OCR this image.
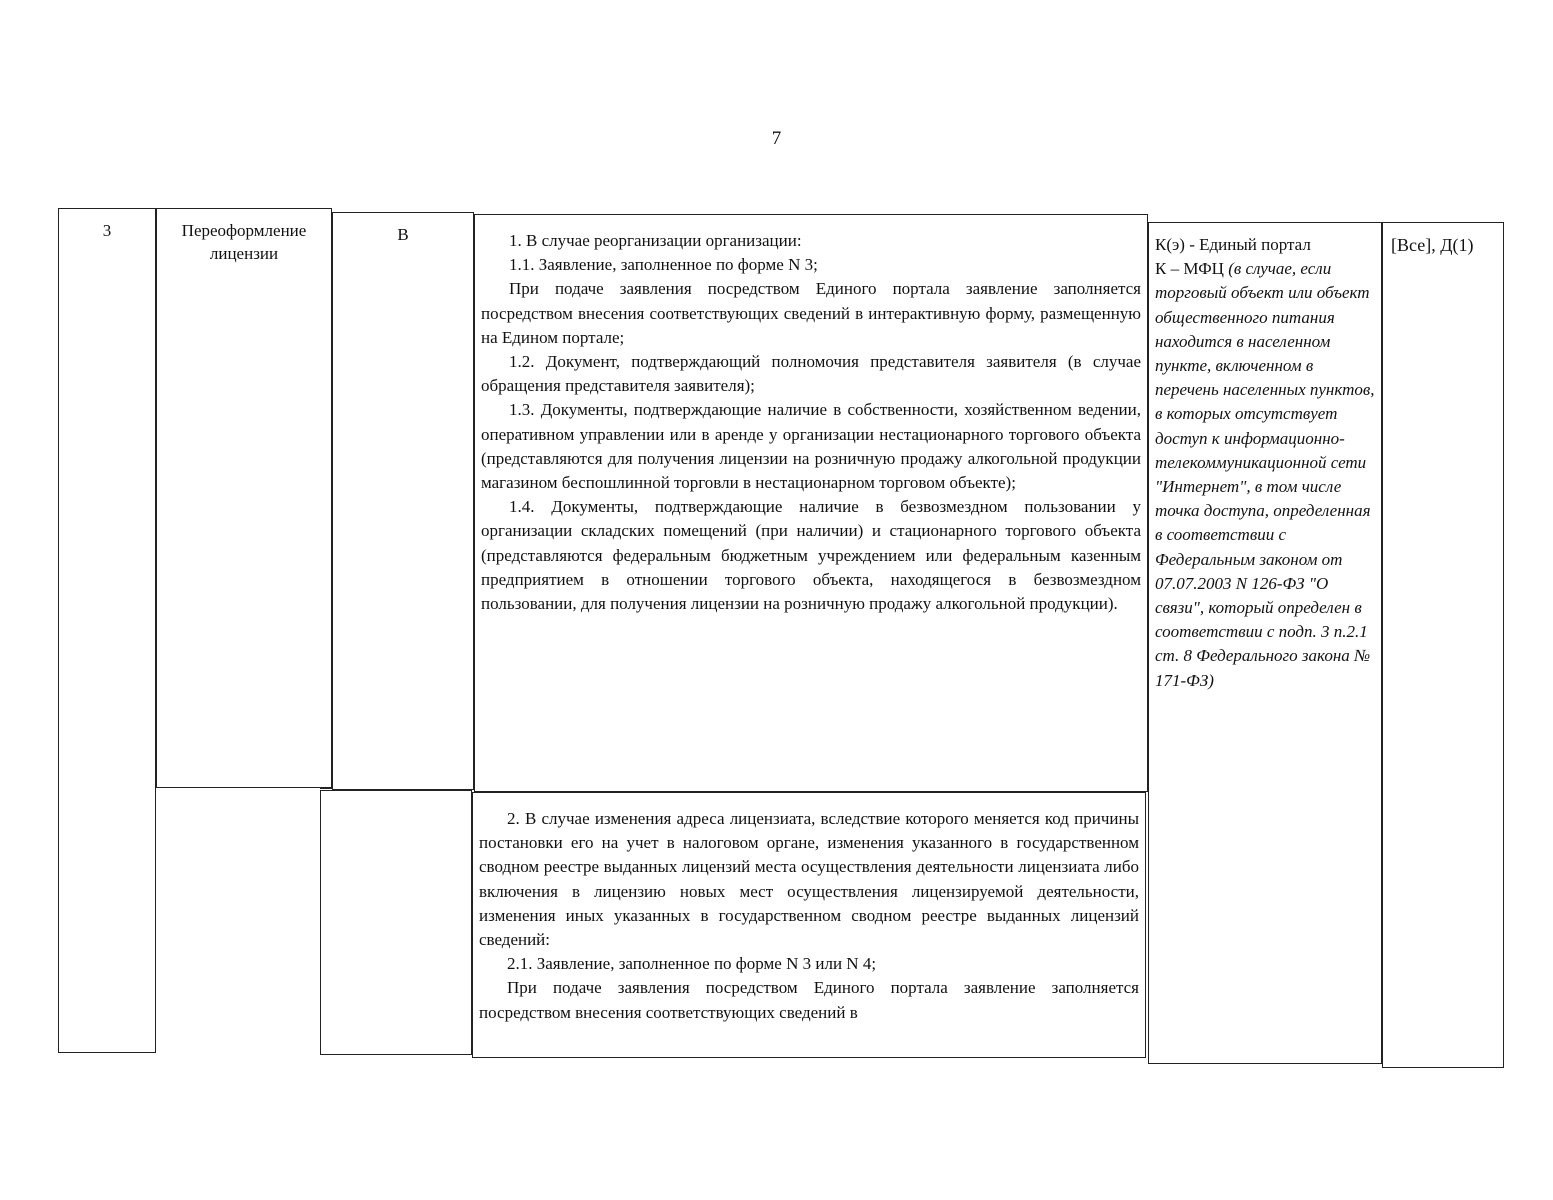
7
3	Переоформление лицензии
В	1. В случае реорганизации организации:

1.1. Заявление, заполненное по форме N 3;

При подаче заявления посредством Единого портала заявление заполняется посредством внесения соответствующих сведений в интерактивную форму, размещенную на Едином портале;

1.2. Документ, подтверждающий полномочия представителя заявителя (в случае обращения представителя заявителя);

1.3. Документы, подтверждающие наличие в собственности, хозяйственном ведении, оперативном управлении или в аренде у организации нестационарного торгового объекта (представляются для получения лицензии на розничную продажу алкогольной продукции магазином беспошлинной торговли в нестационарном торговом объекте);

1.4. Документы, подтверждающие наличие в безвозмездном пользовании у организации складских помещений (при наличии) и стационарного торгового объекта (представляются федеральным бюджетным учреждением или федеральным казенным предприятием в отношении торгового объекта, находящегося в безвозмездном пользовании, для получения лицензии на розничную продажу алкогольной продукции).

2. В случае изменения адреса лицензиата, вследствие которого меняется код причины постановки его на учет в налоговом органе, изменения указанного в государственном сводном реестре выданных лицензий места осуществления деятельности лицензиата либо включения в лицензию новых мест осуществления лицензируемой деятельности, изменения иных указанных в государственном сводном реестре выданных лицензий сведений:

2.1. Заявление, заполненное по форме N 3 или N 4;

При подаче заявления посредством Единого портала заявление заполняется посредством внесения соответствующих сведений в

К(э) - Единый портал
К – МФЦ (в случае, если торговый объект или объект общественного питания находится в населенном пункте, включенном в перечень населенных пунктов, в которых отсутствует доступ к информационно-телекоммуникационной сети "Интернет", в том числе точка доступа, определенная в соответствии с Федеральным законом от 07.07.2003 N 126-ФЗ "О связи", который определен в соответствии с подп. 3 п.2.1 ст. 8 Федерального закона № 171-ФЗ)
[Все], Д(1)
